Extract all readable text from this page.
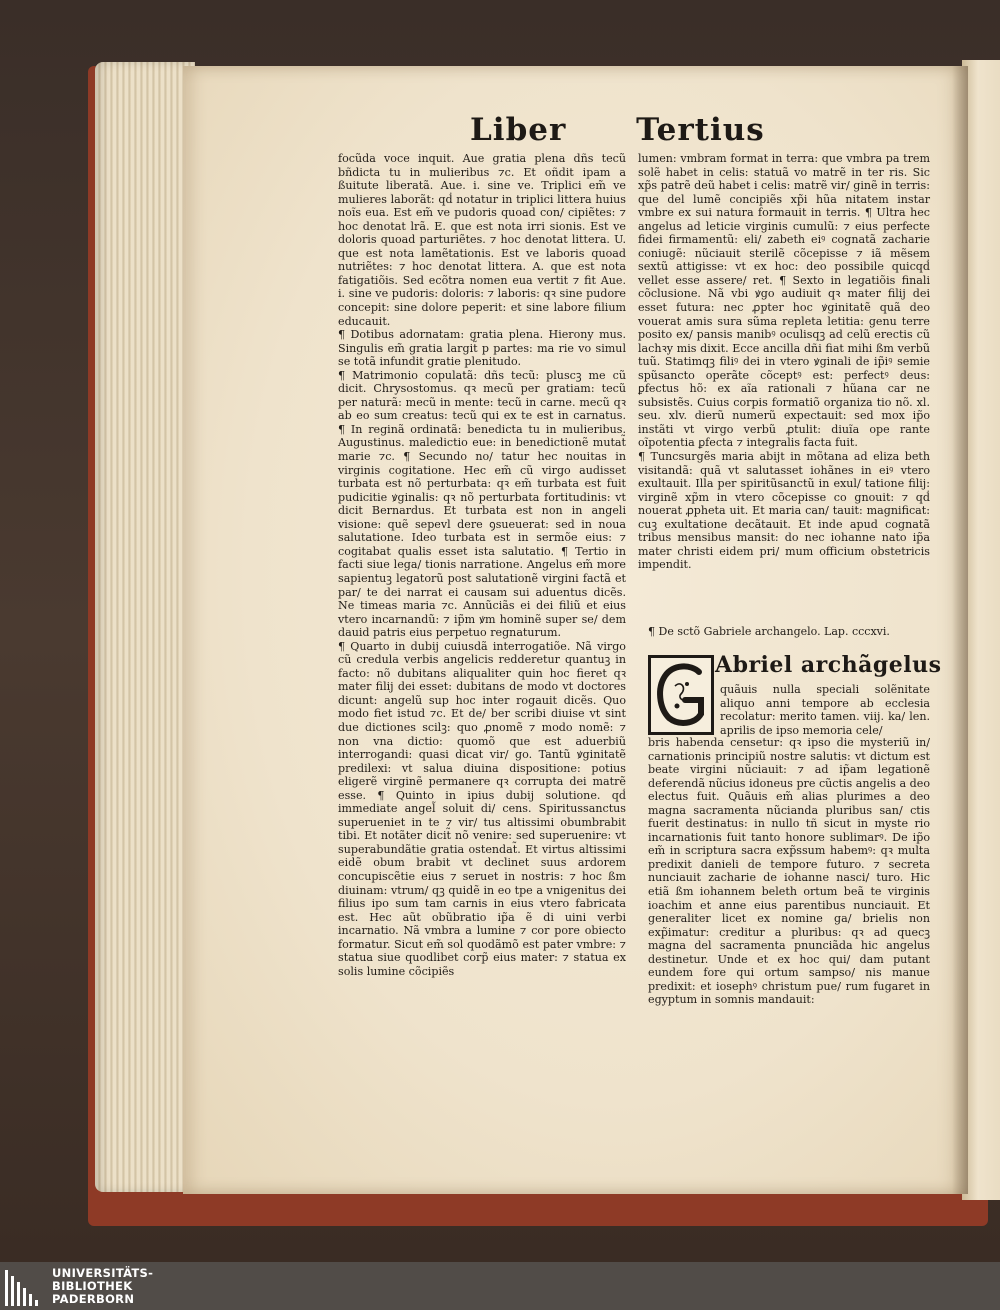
Liber Tertius

focũda voce inquit. Aue gratia plena dñs tecũ bñdicta tu in mulieribus ⁊c. Et oñdit ipam a ßuitute liberatã. Aue. i. sine ve. Triplici em̃ ve mulieres laborãt: qḋ notatur in triplici littera huius noĩs eua. Est em̃ ve pudoris quoad con/ cipiẽtes: ⁊ hoc denotat lrã. E. que est nota irri sionis. Est ve doloris quoad parturiẽtes. ⁊ hoc denotat littera. U. que est nota lamẽtationis. Est ve laboris quoad nutriẽtes: ⁊ hoc denotat littera. A. que est nota fatigatiõis. Sed ecõtra nomen eua vertit ⁊ fit Aue. i. sine ve pudoris: doloris: ⁊ laboris: qꝛ sine pudore concepit: sine dolore peperit: et sine labore filium educauit.

¶ Dotibus adornatam: gratia plena. Hierony mus. Singulis em̃ gratia largit̃ p partes: ma rie vo simul se totã infundit gratie plenitudo.

¶ Matrimonio copulatã: dñs tecũ: pluscꝫ me cũ dicit. Chrysostomus. qꝛ mecũ per gratiam: tecũ per naturã: mecũ in mente: tecũ in carne. mecũ qꝛ ab eo sum creatus: tecũ qui ex te est in carnatus. ¶ In reginã ordinatã: benedicta tu in mulieribus. Augustinus. maledictio eue: in benedictionẽ mutat̃ marie ⁊c. ¶ Secundo no/ tatur hec nouitas in virginis cogitatione. Hec em̃ cũ virgo audisset turbata est nõ perturbata: qꝛ em̃ turbata est fuit pudicitie ꝟginalis: qꝛ nõ perturbata fortitudinis: vt dicit Bernardus. Et turbata est non in angeli visione: quẽ sepevl dere ꝯsueuerat: sed in noua salutatione. Ideo turbata est in sermõe eius: ⁊ cogitabat qualis esset ista salutatio. ¶ Tertio in facti siue lega/ tionis narratione. Angelus em̃ more sapientuꝫ legatorũ post salutationẽ virgini factã et par/ te dei narrat ei causam sui aduentus dicẽs. Ne timeas maria ⁊c. Annũciãs ei dei filiũ et eius vtero incarnandũ: ⁊ ip̃m ꝟm hominẽ super se/ dem dauid patris eius perpetuo regnaturum.

¶ Quarto in dubij cuiusdã interrogatiõe. Nã virgo cũ credula verbis angelicis redderetur quantuꝫ in facto: nõ dubitans aliqualiter quin hoc fieret qꝛ mater filij dei esset: dubitans de modo vt doctores dicunt: angelũ sup hoc inter rogauit dicẽs. Quo modo fiet istud ⁊c. Et de/ ber scribi diuise vt sint due dictiones scilꝫ: quo ꝓnomẽ ⁊ modo nomẽ: ⁊ non vna dictio: quomõ que est aduerbiũ interrogandi: quasi dicat vir/ go. Tantũ ꝟginitatẽ predilexi: vt salua diuina dispositione: potius eligerẽ virginẽ permanere qꝛ corrupta dei matrẽ esse. ¶ Quinto in ipius dubij solutione. qḋ immediate angel̃ soluit di/ cens. Spiritussanctus superueniet in te ⁊ vir/ tus altissimi obumbrabit tibi. Et notãter dicit̃ nõ venire: sed superuenire: vt superabundãtie gratia ostendat̃. Et virtus altissimi eidẽ obum brabit vt declinet suus ardorem concupiscẽtie eius ⁊ seruet in nostris: ⁊ hoc ßm diuinam: vtrum/ qꝫ quidẽ in eo tpe a vnigenitus dei filius ipo sum tam carnis in eius vtero fabricata est. Hec aũt obũbratio ip̃a ẽ di uini verbi incarnatio. Nã vmbra a lumine ⁊ cor pore obiecto formatur. Sicut em̃ sol quodãmõ est pater vmbre: ⁊ statua siue quodlibet corp̃ eius mater: ⁊ statua ex solis lumine cõcipiẽs

lumen: vmbram format in terra: que vmbra pa trem solẽ habet in celis: statuã vo matrẽ in ter ris. Sic xp̃s patrẽ deũ habet i celis: matrẽ vir/ ginẽ in terris: que del lumẽ concipiẽs xp̃i hũa nitatem instar vmbre ex sui natura formauit in terris. ¶ Ultra hec angelus ad leticie virginis cumulũ: ⁊ eius perfecte fidei firmamentũ: eli/ zabeth eiꝰ cognatã zacharie coniugẽ: nũciauit sterilẽ cõcepisse ⁊ iã mẽsem sextũ attigisse: vt ex hoc: deo possibile quicqḋ vellet esse assere/ ret. ¶ Sexto in legatiõis finali cõclusione. Nã vbi ꝟgo audiuit qꝛ mater filij dei esset futura: nec ꝓpter hoc ꝟginitatẽ quã deo vouerat amis sura sũma repleta letitia: genu terre posito ex/ pansis manibꝰ oculisqꝫ ad celũ erectis cũ lachꝛy mis dixit. Ecce ancilla dñi fiat mihi ßm verbũ tuũ. Statimqꝫ filiꝰ dei in vtero ꝟginali de ip̃iꝰ semie spũsancto operãte cõceptꝰ est: perfectꝰ deus: ꝑfectus hõ: ex aĩa rationali ⁊ hũana car ne subsistẽs. Cuius corpis formatiõ organiza tio nõ. xl. seu. xlv. dierũ numerũ expectauit: sed mox ip̃o instãti vt virgo verbũ ꝓtulit: diuĩa ope rante oĩpotentia ꝑfecta ⁊ integralis facta fuit.

¶ Tuncsurgẽs maria abijt in mõtana ad eliza beth visitandã: quã vt salutasset iohãnes in eiꝰ vtero exultauit. Illa per spiritũsanctũ in exul/ tatione filij: virginẽ xp̃m in vtero cõcepisse co gnouit: ⁊ qḋ nouerat ꝓpheta uit. Et maria can/ tauit: magnificat: cuꝫ exultatione decãtauit. Et inde apud cognatã tribus mensibus mansit: do nec iohanne nato ip̃a mater christi eidem pri/ mum officium obstetricis impendit.

¶ De sctõ Gabriele archangelo. Lap. cccxvi.
Abriel archãgelus
quãuis nulla speciali solẽnitate aliquo anni tempore ab ecclesia recolatur: merito tamen. viij. ka/ len. aprilis de ipso memoria cele/
bris habenda censetur: qꝛ ipso die mysteriũ in/ carnationis principiũ nostre salutis: vt dictum est beate virgini nũciauit: ⁊ ad ip̃am legationẽ deferendã nũcius idoneus pre cũctis angelis a deo electus fuit. Quãuis em̃ alias plurimes a deo magna sacramenta nũcianda pluribus san/ ctis fuerit destinatus: in nullo tñ sicut in myste rio incarnationis fuit tanto honore sublimarꝰ. De ip̃o em̃ in scriptura sacra exp̃ssum habemꝰ: qꝛ multa predixit danieli de tempore futuro. ⁊ secreta nunciauit zacharie de iohanne nasci/ turo. Hic etiã ßm iohannem beleth ortum beã te virginis ioachim et anne eius parentibus nunciauit. Et generaliter licet ex nomine ga/ brielis non exp̃imatur: creditur a pluribus: qꝛ ad quecꝫ magna del sacramenta pnunciãda hic angelus destinetur. Unde et ex hoc qui/ dam putant eundem fore qui ortum sampso/ nis manue predixit: et iosephꝰ christum pue/ rum fugaret in egyptum in somnis mandauit:
UNIVERSITÄTS-
BIBLIOTHEK
PADERBORN
